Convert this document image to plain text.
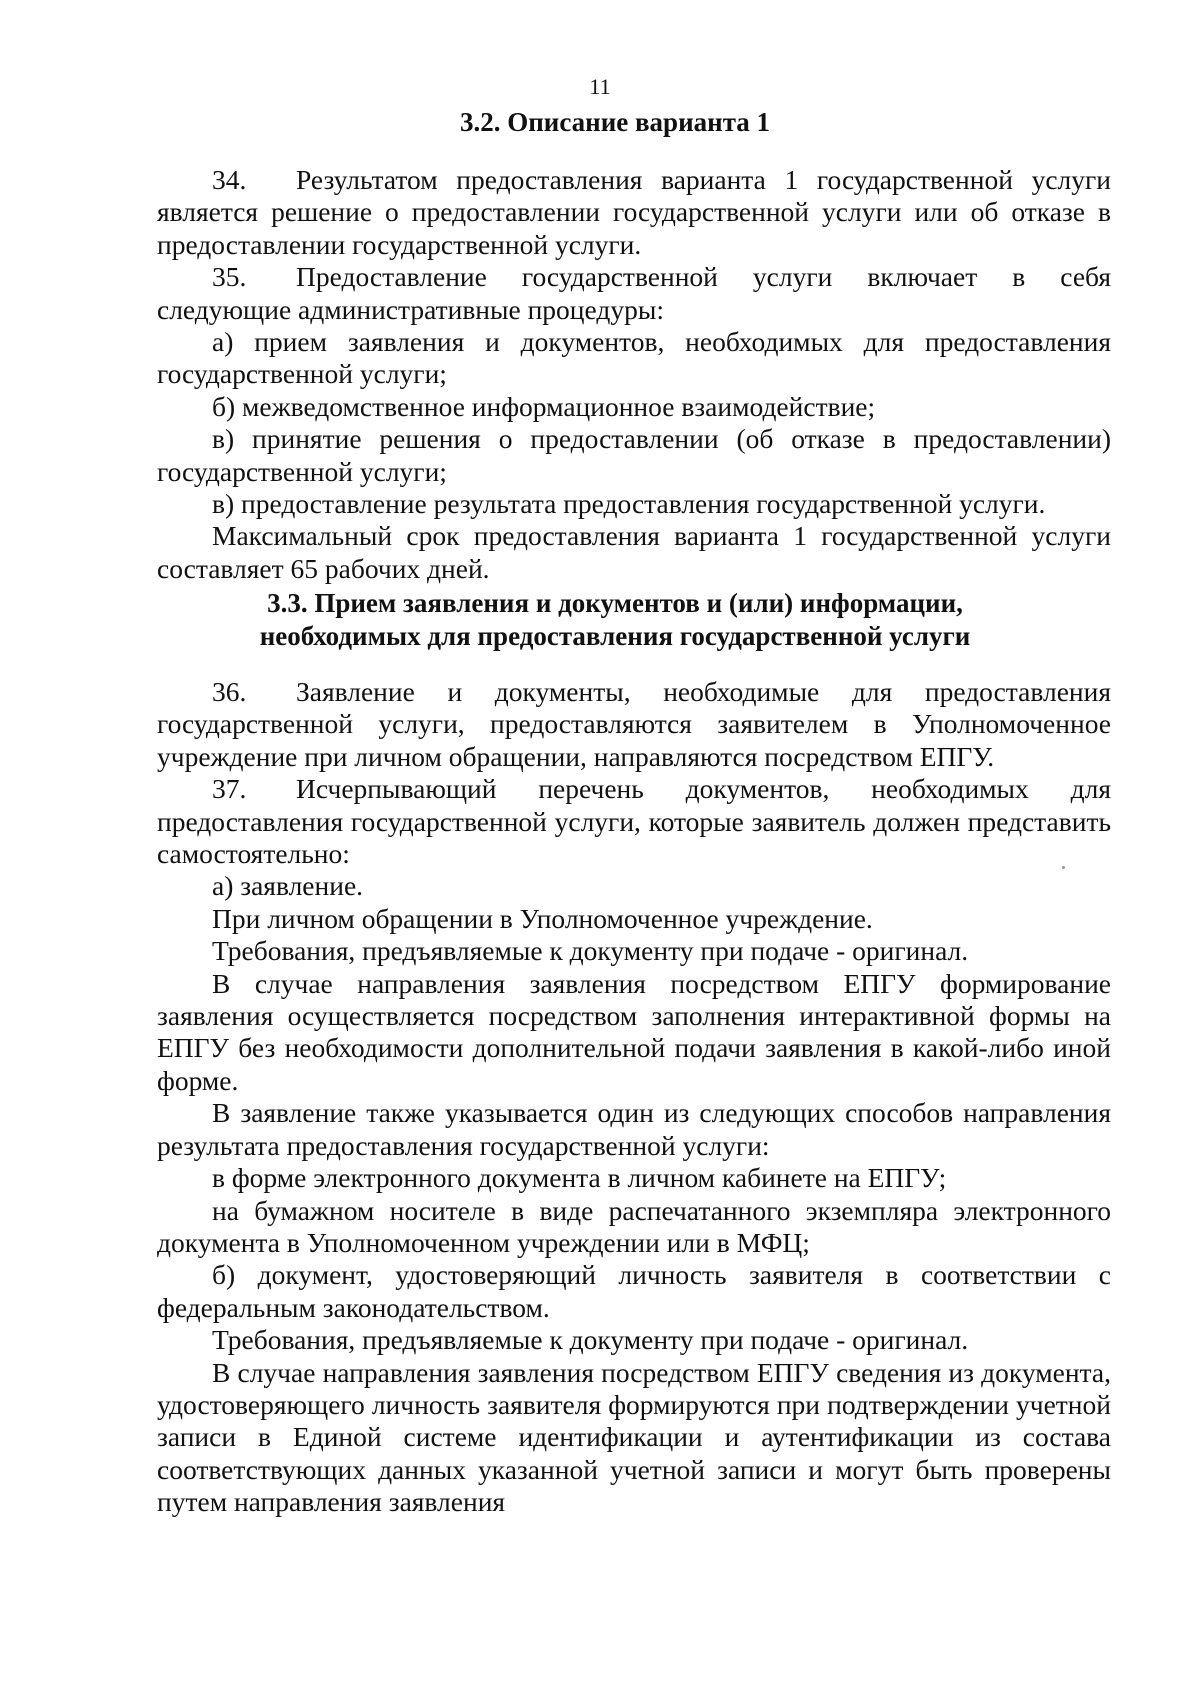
11
3.2. Описание варианта 1

34. Результатом предоставления варианта 1 государственной услуги является решение о предоставлении государственной услуги или об отказе в предоставлении государственной услуги.

35. Предоставление государственной услуги включает в себя следующие административные процедуры:

а) прием заявления и документов, необходимых для предоставления государственной услуги;

б) межведомственное информационное взаимодействие;

в) принятие решения о предоставлении (об отказе в предоставлении) государственной услуги;

в) предоставление результата предоставления государственной услуги.

Максимальный срок предоставления варианта 1 государственной услуги составляет 65 рабочих дней.

3.3. Прием заявления и документов и (или) информации,
необходимых для предоставления государственной услуги

36. Заявление и документы, необходимые для предоставления государственной услуги, предоставляются заявителем в Уполномоченное учреждение при личном обращении, направляются посредством ЕПГУ.

37. Исчерпывающий перечень документов, необходимых для предоставления государственной услуги, которые заявитель должен представить самостоятельно:

а) заявление.

При личном обращении в Уполномоченное учреждение.

Требования, предъявляемые к документу при подаче - оригинал.

В случае направления заявления посредством ЕПГУ формирование заявления осуществляется посредством заполнения интерактивной формы на ЕПГУ без необходимости дополнительной подачи заявления в какой-либо иной форме.

В заявление также указывается один из следующих способов направления результата предоставления государственной услуги:

в форме электронного документа в личном кабинете на ЕПГУ;

на бумажном носителе в виде распечатанного экземпляра электронного документа в Уполномоченном учреждении или в МФЦ;

б) документ, удостоверяющий личность заявителя в соответствии с федеральным законодательством.

Требования, предъявляемые к документу при подаче - оригинал.

В случае направления заявления посредством ЕПГУ сведения из документа, удостоверяющего личность заявителя формируются при подтверждении учетной записи в Единой системе идентификации и аутентификации из состава соответствующих данных указанной учетной записи и могут быть проверены путем направления заявления
